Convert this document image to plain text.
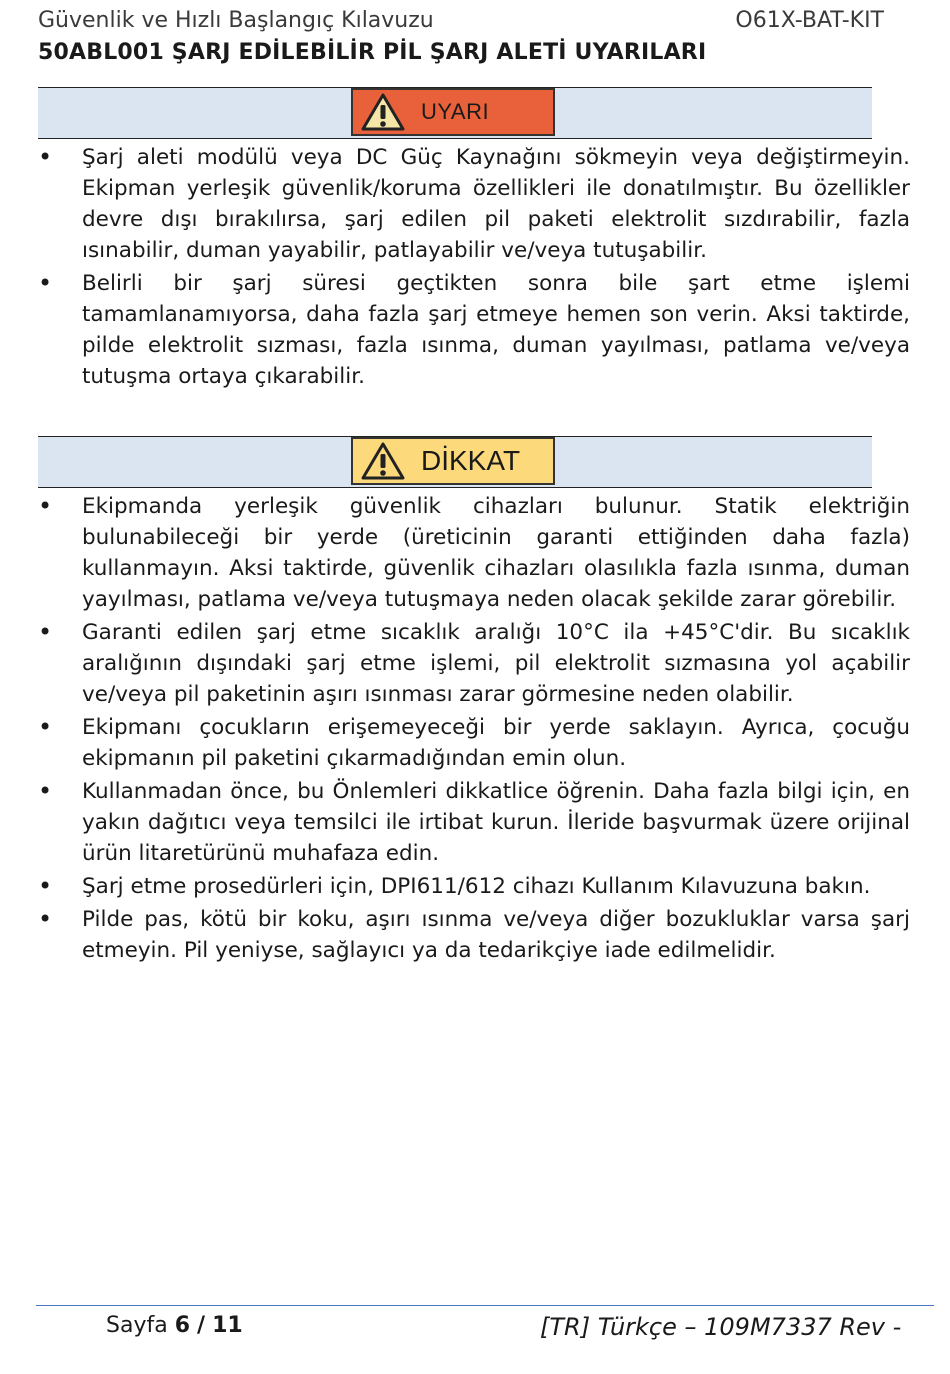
Güvenlik ve Hızlı Başlangıç Kılavuzu	O61X-BAT-KIT
50ABL001 ŞARJ EDİLEBİLİR PİL ŞARJ ALETİ UYARILARI
UYARI
• Şarj aleti modülü veya DC Güç Kaynağını sökmeyin veya değiştirmeyin. Ekipman yerleşik güvenlik/koruma özellikleri ile donatılmıştır. Bu özellikler devre dışı bırakılırsa, şarj edilen pil paketi elektrolit sızdırabilir, fazla ısınabilir, duman yayabilir, patlayabilir ve/veya tutuşabilir.
• Belirli bir şarj süresi geçtikten sonra bile şart etme işlemi tamamlanamıyorsa, daha fazla şarj etmeye hemen son verin. Aksi taktirde, pilde elektrolit sızması, fazla ısınma, duman yayılması, patlama ve/veya tutuşma ortaya çıkarabilir.
DİKKAT
• Ekipmanda yerleşik güvenlik cihazları bulunur. Statik elektriğin bulunabileceği bir yerde (üreticinin garanti ettiğinden daha fazla) kullanmayın. Aksi taktirde, güvenlik cihazları olasılıkla fazla ısınma, duman yayılması, patlama ve/veya tutuşmaya neden olacak şekilde zarar görebilir.
• Garanti edilen şarj etme sıcaklık aralığı 10°C ila +45°C'dir. Bu sıcaklık aralığının dışındaki şarj etme işlemi, pil elektrolit sızmasına yol açabilir ve/veya pil paketinin aşırı ısınması zarar görmesine neden olabilir.
• Ekipmanı çocukların erişemeyeceği bir yerde saklayın. Ayrıca, çocuğu ekipmanın pil paketini çıkarmadığından emin olun.
• Kullanmadan önce, bu Önlemleri dikkatlice öğrenin. Daha fazla bilgi için, en yakın dağıtıcı veya temsilci ile irtibat kurun. İleride başvurmak üzere orijinal ürün litaretürünü muhafaza edin.
• Şarj etme prosedürleri için, DPI611/612 cihazı Kullanım Kılavuzuna bakın.
• Pilde pas, kötü bir koku, aşırı ısınma ve/veya diğer bozukluklar varsa şarj etmeyin. Pil yeniyse, sağlayıcı ya da tedarikçiye iade edilmelidir.
Sayfa 6 / 11	[TR] Türkçe – 109M7337 Rev -
